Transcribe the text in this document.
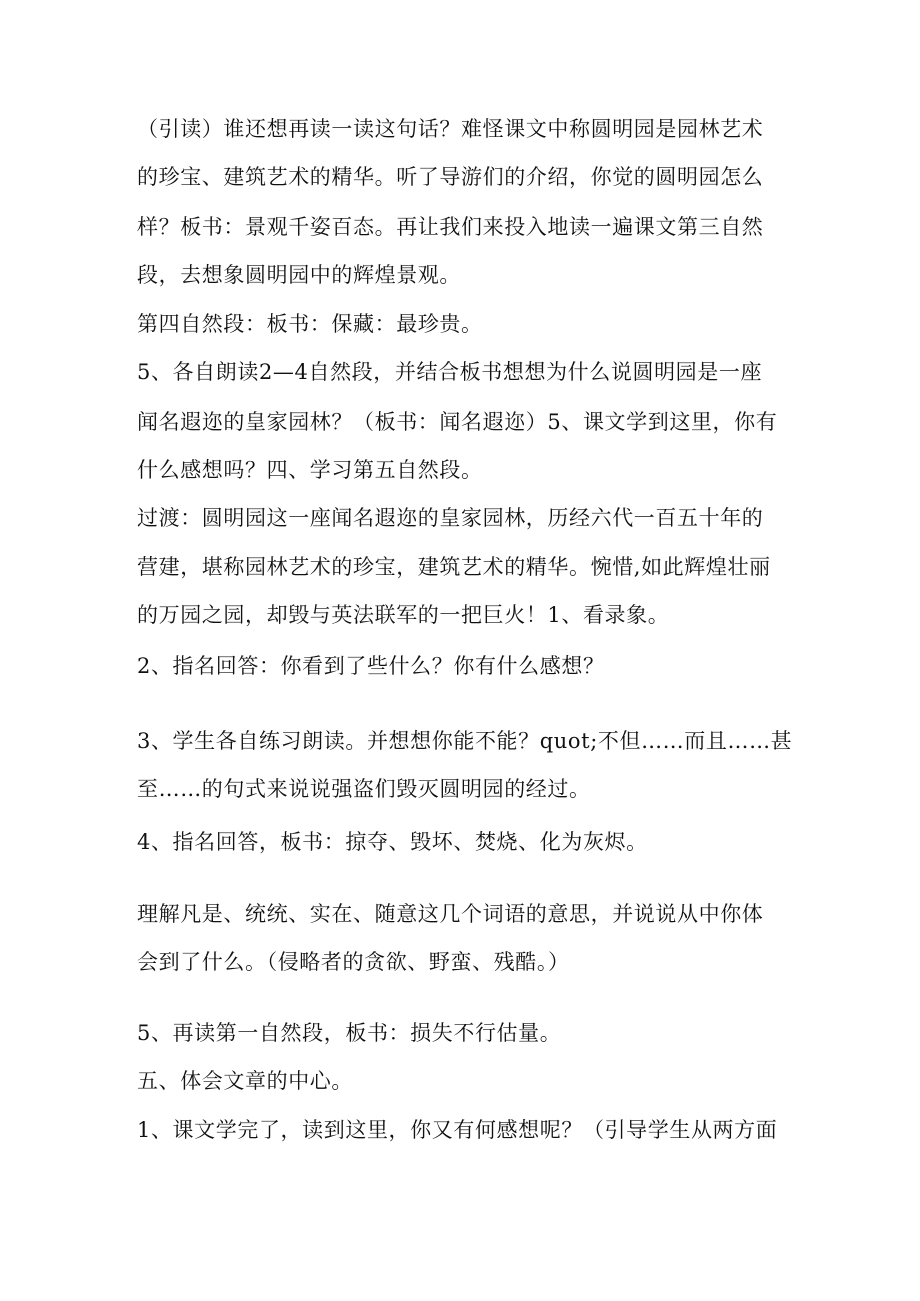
（引读）谁还想再读一读这句话？难怪课文中称圆明园是园林艺术
的珍宝、建筑艺术的精华。听了导游们的介绍，你觉的圆明园怎么
样？板书：景观千姿百态。再让我们来投入地读一遍课文第三自然
段，去想象圆明园中的辉煌景观。
第四自然段：板书：保藏：最珍贵。
5、各自朗读2—4自然段，并结合板书想想为什么说圆明园是一座
闻名遐迩的皇家园林？（板书：闻名遐迩）5、课文学到这里，你有
什么感想吗？四、学习第五自然段。
过渡：圆明园这一座闻名遐迩的皇家园林，历经六代一百五十年的
营建，堪称园林艺术的珍宝，建筑艺术的精华。惋惜,如此辉煌壮丽
的万园之园，却毁与英法联军的一把巨火！1、看录象。
2、指名回答：你看到了些什么？你有什么感想？
3、学生各自练习朗读。并想想你能不能？quot;不但……而且……甚
至……的句式来说说强盗们毁灭圆明园的经过。
4、指名回答，板书：掠夺、毁坏、焚烧、化为灰烬。
理解凡是、统统、实在、随意这几个词语的意思，并说说从中你体
会到了什么。（侵略者的贪欲、野蛮、残酷。）
5、再读第一自然段，板书：损失不行估量。
五、体会文章的中心。
1、课文学完了，读到这里，你又有何感想呢？（引导学生从两方面
